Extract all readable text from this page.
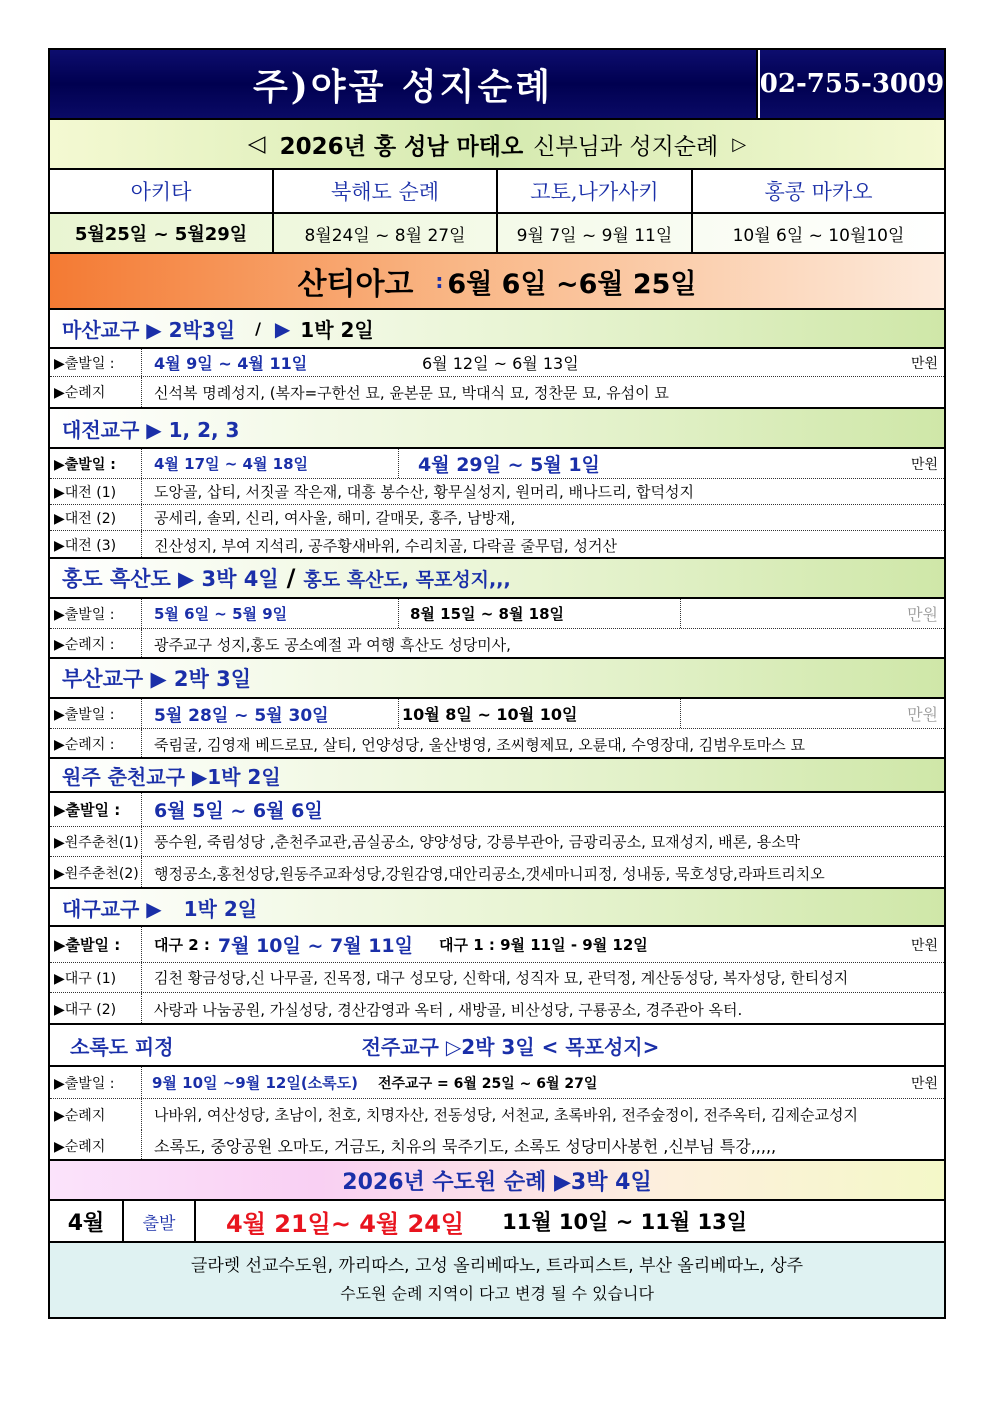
주)야곱 성지순례	02-755-3009
◁ 2026년 홍 성남 마태오 신부님과 성지순례 ▷
아키타	북해도 순례	고토,나가사키	홍콩 마카오
5월25일 ~ 5월29일	8월24일 ~ 8월 27일	9월 7일 ~ 9월 11일	10월 6일 ~ 10월10일
산티아고 : 6월 6일 ~6월 25일
마산교구 ▶ 2박3일 / ▶ 1박 2일
▶출발일 :	4월 9일 ~ 4월 11일	6월 12일 ~ 6월 13일	만원
▶순례지	신석복 명례성지, (복자=구한선 묘, 윤본문 묘, 박대식 묘, 정찬문 묘, 유섬이 묘
대전교구 ▶ 1, 2, 3
▶출발일 :	4월 17일 ~ 4월 18일	4월 29일 ~ 5월 1일	만원
▶대전 (1)	도앙골, 삽티, 서짓골 작은재, 대흥 봉수산, 황무실성지, 원머리, 배나드리, 합덕성지
▶대전 (2)	공세리, 솔뫼, 신리, 여사울, 해미, 갈매못, 홍주, 남방재,
▶대전 (3)	진산성지, 부여 지석리, 공주황새바위, 수리치골, 다락골 줄무덤, 성거산
홍도 흑산도 ▶ 3박 4일 / 홍도 흑산도, 목포성지,,,
▶출발일 :	5월 6일 ~ 5월 9일	8월 15일 ~ 8월 18일	만원
▶순례지 :	광주교구 성지,홍도 공소예절 과 여행 흑산도 성당미사,
부산교구 ▶ 2박 3일
▶출발일 :	5월 28일 ~ 5월 30일	10월 8일 ~ 10월 10일	만원
▶순례지 :	죽림굴, 김영재 베드로묘, 살티, 언양성당, 울산병영, 조씨형제묘, 오륜대, 수영장대, 김범우토마스 묘
원주 춘천교구 ▶1박 2일
▶출발일 :	6월 5일 ~ 6월 6일
▶원주춘천(1)	풍수원, 죽림성당 ,춘천주교관,곰실공소, 양양성당, 강릉부관아, 금광리공소, 묘재성지, 배론, 용소막
▶원주춘천(2)	행정공소,홍천성당,원동주교좌성당,강원감영,대안리공소,갯세마니피정, 성내동, 묵호성당,라파트리치오
대구교구 ▶ 1박 2일
▶출발일 :	대구 2 : 7월 10일 ~ 7월 11일 대구 1 : 9월 11일 - 9월 12일	만원
▶대구 (1)	김천 황금성당,신 나무골, 진목정, 대구 성모당, 신학대, 성직자 묘, 관덕정, 계산동성당, 복자성당, 한티성지
▶대구 (2)	사랑과 나눔공원, 가실성당, 경산감영과 옥터 , 새방골, 비산성당, 구룡공소, 경주관아 옥터.
소록도 피정	전주교구 ▷2박 3일 < 목포성지>
▶출발일 :	9월 10일 ~9월 12일(소록도) 전주교구 = 6월 25일 ~ 6월 27일	만원
▶순례지	나바위, 여산성당, 초남이, 천호, 치명자산, 전동성당, 서천교, 초록바위, 전주숲정이, 전주옥터, 김제순교성지
▶순례지	소록도, 중앙공원 오마도, 거금도, 치유의 묵주기도, 소록도 성당미사봉헌 ,신부님 특강,,,,,
2026년 수도원 순례 ▶3박 4일
4월	출발	4월 21일~ 4월 24일 11월 10일 ~ 11월 13일
글라렛 선교수도원, 까리따스, 고성 올리베따노, 트라피스트, 부산 올리베따노, 상주
수도원 순례 지역이 다고 변경 될 수 있습니다
